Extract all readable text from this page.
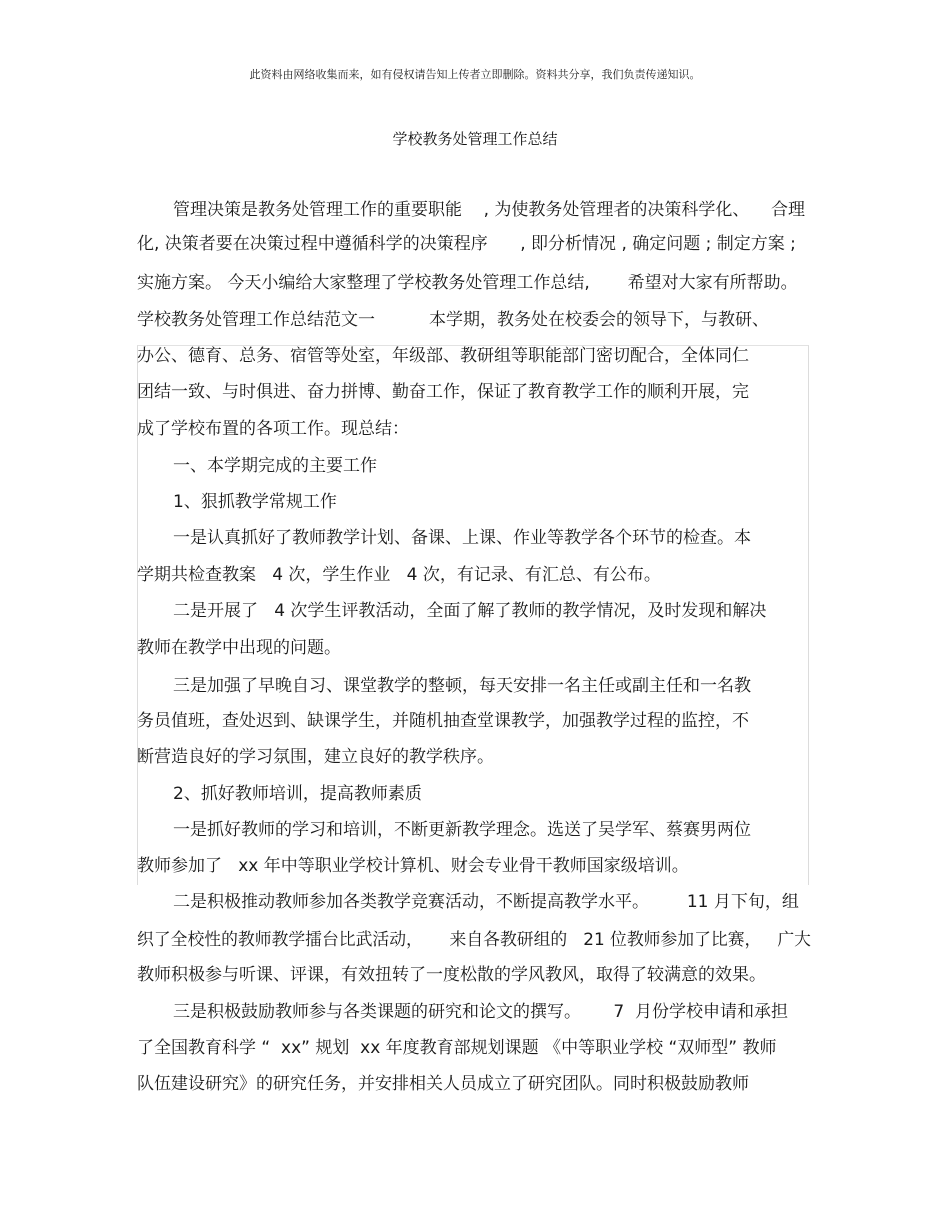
此资料由网络收集而来，如有侵权请告知上传者立即删除。资料共分享，我们负责传递知识。
学校教务处管理工作总结
管理决策是教务处管理工作的重要职能    , 为使教务处管理者的决策科学化、    合理
化, 决策者要在决策过程中遵循科学的决策程序      , 即分析情况 , 确定问题 ; 制定方案 ;
实施方案。 今天小编给大家整理了学校教务处管理工作总结,       希望对大家有所帮助。
学校教务处管理工作总结范文一          本学期，教务处在校委会的领导下，与教研、
办公、德育、总务、宿管等处室，年级部、教研组等职能部门密切配合，全体同仁
团结一致、与时俱进、奋力拼博、勤奋工作，保证了教育教学工作的顺利开展，完
成了学校布置的各项工作。现总结：
一、本学期完成的主要工作
1、狠抓教学常规工作
一是认真抓好了教师教学计划、备课、上课、作业等教学各个环节的检查。本
学期共检查教案   4 次，学生作业   4 次，有记录、有汇总、有公布。
二是开展了   4 次学生评教活动，全面了解了教师的教学情况，及时发现和解决
教师在教学中出现的问题。
三是加强了早晚自习、课堂教学的整顿，每天安排一名主任或副主任和一名教
务员值班，查处迟到、缺课学生，并随机抽查堂课教学，加强教学过程的监控，不
断营造良好的学习氛围，建立良好的教学秩序。
2、抓好教师培训，提高教师素质
一是抓好教师的学习和培训，不断更新教学理念。选送了吴学军、蔡赛男两位
教师参加了   xx 年中等职业学校计算机、财会专业骨干教师国家级培训。
二是积极推动教师参加各类教学竞赛活动，不断提高教学水平。       11 月下旬，组
织了全校性的教师教学擂台比武活动，     来自各教研组的   21 位教师参加了比赛，   广大
教师积极参与听课、评课，有效扭转了一度松散的学风教风，取得了较满意的效果。
三是积极鼓励教师参与各类课题的研究和论文的撰写。      7  月份学校申请和承担
了全国教育科学 “  xx” 规划  xx 年度教育部规划课题 《中等职业学校 “双师型” 教师
队伍建设研究》的研究任务，并安排相关人员成立了研究团队。同时积极鼓励教师
